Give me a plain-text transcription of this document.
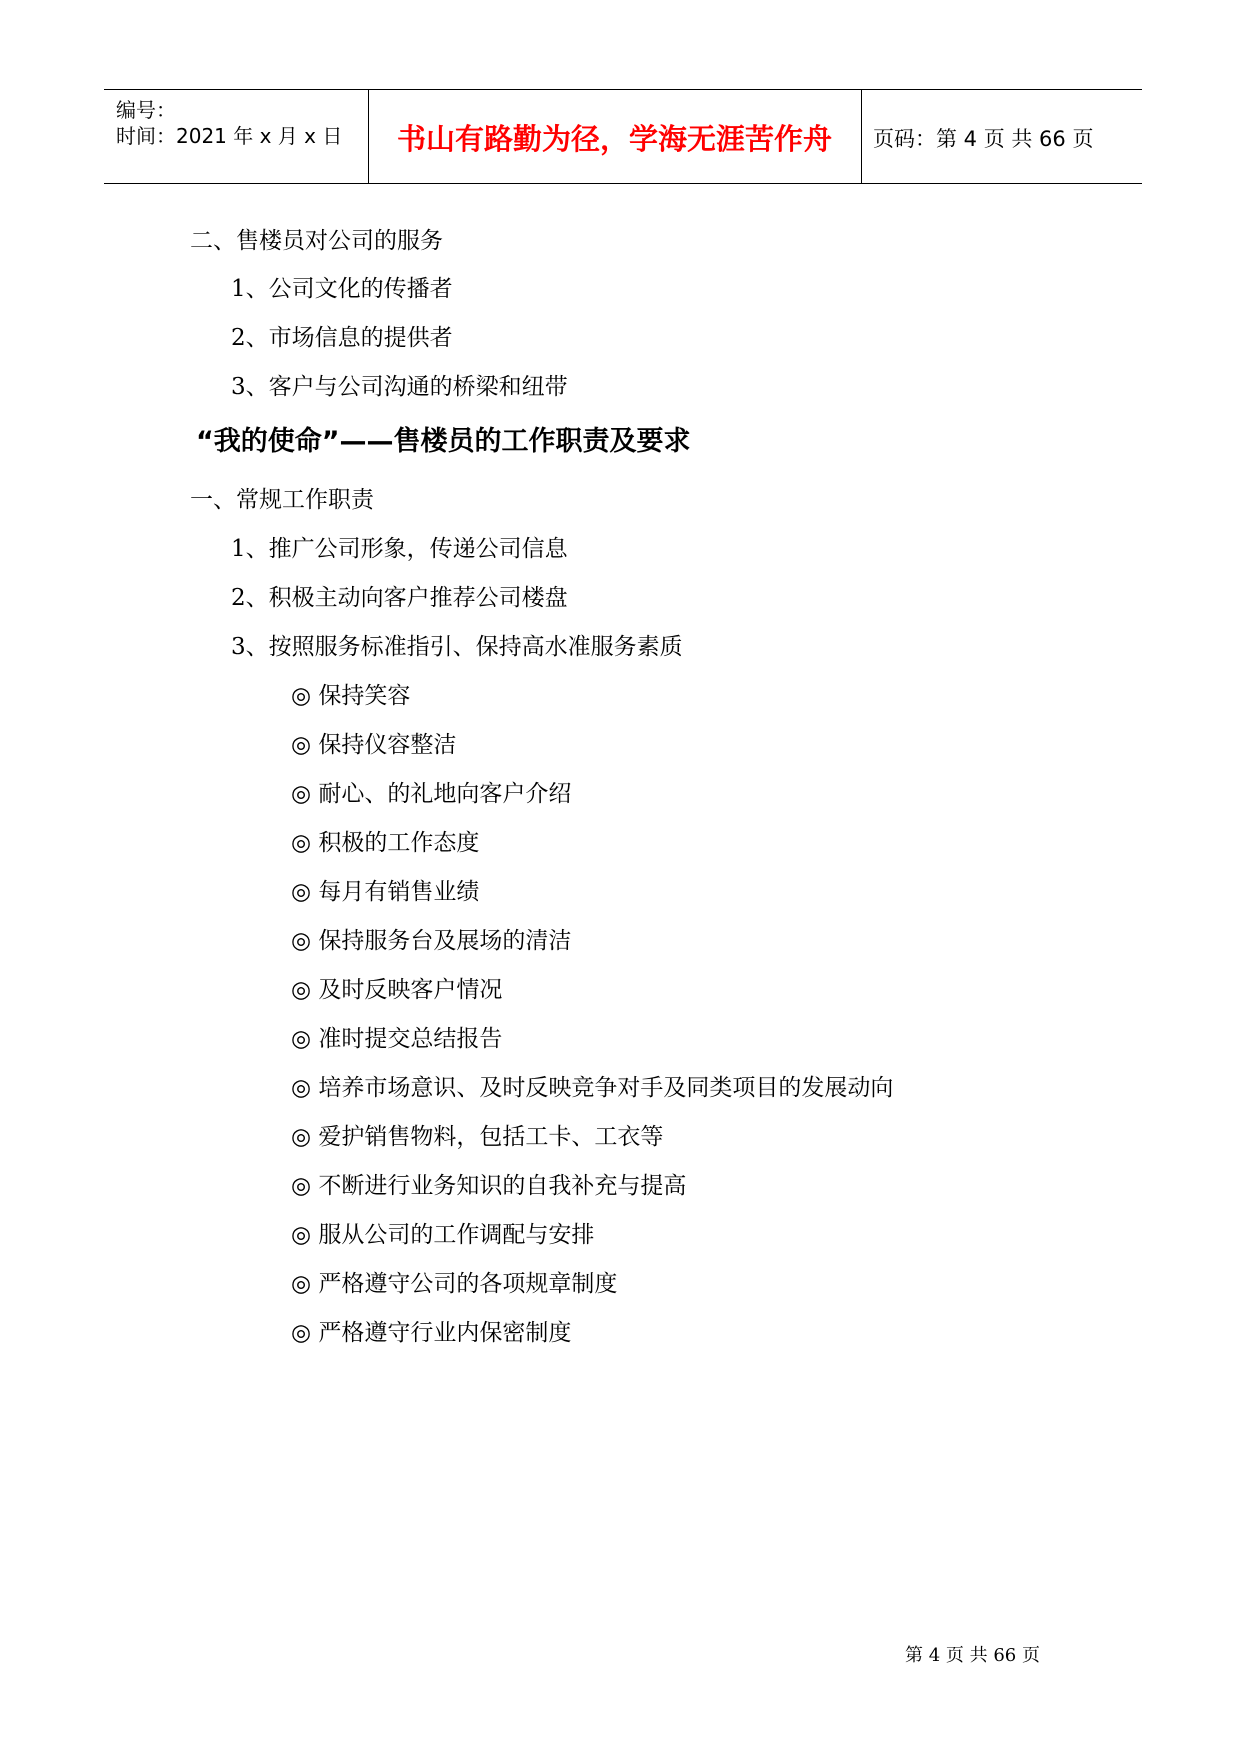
编号：
时间：2021 年 x 月 x 日	书山有路勤为径，学海无涯苦作舟	页码：第 4 页 共 66 页
二、售楼员对公司的服务
1、公司文化的传播者
2、市场信息的提供者
3、客户与公司沟通的桥梁和纽带
“我的使命”——售楼员的工作职责及要求
一、常规工作职责
1、推广公司形象，传递公司信息
2、积极主动向客户推荐公司楼盘
3、按照服务标准指引、保持高水准服务素质
◎ 保持笑容
◎ 保持仪容整洁
◎ 耐心、的礼地向客户介绍
◎ 积极的工作态度
◎ 每月有销售业绩
◎ 保持服务台及展场的清洁
◎ 及时反映客户情况
◎ 准时提交总结报告
◎ 培养市场意识、及时反映竞争对手及同类项目的发展动向
◎ 爱护销售物料，包括工卡、工衣等
◎ 不断进行业务知识的自我补充与提高
◎ 服从公司的工作调配与安排
◎ 严格遵守公司的各项规章制度
◎ 严格遵守行业内保密制度
第 4 页 共 66 页
